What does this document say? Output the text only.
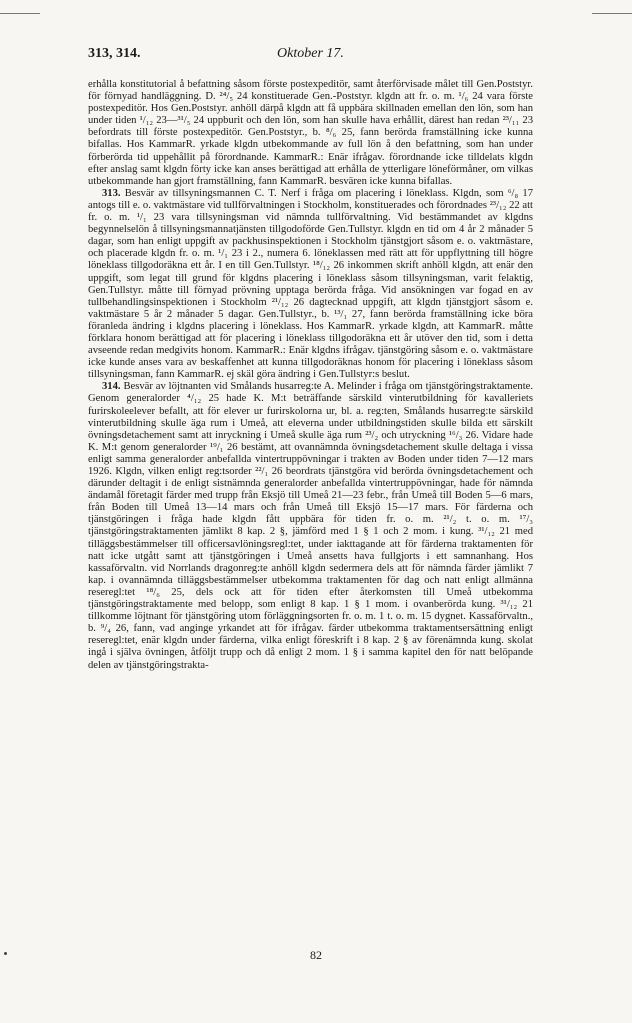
313, 314.	Oktober 17.

erhålla konstitutorial å befattning såsom förste postexpeditör, samt återförvisade målet till Gen.Poststyr. för förnyad handläggning. D. ²⁴/₅ 24 konstituerade Gen.-Poststyr. klgdn att fr. o. m. ¹/₆ 24 vara förste postexpeditör. Hos Gen.Poststyr. anhöll därpå klgdn att få uppbära skillnaden emellan den lön, som han under tiden ¹/₁₂ 23—³¹/₅ 24 uppburit och den lön, som han skulle hava erhållit, därest han redan ²³/₁₁ 23 befordrats till förste postexpeditör. Gen.Poststyr., b. ⁸/₆ 25, fann berörda framställning icke kunna bifallas. Hos KammarR. yrkade klgdn utbekommande av full lön å den befattning, som han under förberörda tid uppehållit på förordnande. KammarR.: Enär ifrågav. förordnande icke tilldelats klgdn efter anslag samt klgdn förty icke kan anses berättigad att erhålla de ytterligare löneförmåner, om vilkas utbekommande han gjort framställning, fann KammarR. besvären icke kunna bifallas.

313. Besvär av tillsyningsmannen C. T. Nerf i fråga om placering i löneklass. Klgdn, som ⁶/₈ 17 antogs till e. o. vaktmästare vid tullförvaltningen i Stockholm, konstituerades och förordnades ²³/₁₂ 22 att fr. o. m. ¹/₁ 23 vara tillsyningsman vid nämnda tullförvaltning. Vid bestämmandet av klgdns begynnelselön å tillsyningsmannatjänsten tillgodoförde Gen.Tullstyr. klgdn en tid om 4 år 2 månader 5 dagar, som han enligt uppgift av packhusinspektionen i Stockholm tjänstgjort såsom e. o. vaktmästare, och placerade klgdn fr. o. m. ¹/₁ 23 i 2., numera 6. löneklassen med rätt att för uppflyttning till högre löneklass tillgodoräkna ett år. I en till Gen.Tullstyr. ¹⁸/₁₂ 26 inkommen skrift anhöll klgdn, att enär den uppgift, som legat till grund för klgdns placering i löneklass såsom tillsyningsman, varit felaktig, Gen.Tullstyr. måtte till förnyad prövning upptaga berörda fråga. Vid ansökningen var fogad en av tullbehandlingsinspektionen i Stockholm ²¹/₁₂ 26 dagtecknad uppgift, att klgdn tjänstgjort såsom e. vaktmästare 5 år 2 månader 5 dagar. Gen.Tullstyr., b. ¹³/₁ 27, fann berörda framställning icke böra föranleda ändring i klgdns placering i löneklass. Hos KammarR. yrkade klgdn, att KammarR. måtte förklara honom berättigad att för placering i löneklass tillgodoräkna ett år utöver den tid, som i detta avseende redan medgivits honom. KammarR.: Enär klgdns ifrågav. tjänstgöring såsom e. o. vaktmästare icke kunde anses vara av beskaffenhet att kunna tillgodoräknas honom för placering i löneklass såsom tillsyningsman, fann KammarR. ej skäl göra ändring i Gen.Tullstyr:s beslut.

314. Besvär av löjtnanten vid Smålands husarreg:te A. Melinder i fråga om tjänstgöringstraktamente. Genom generalorder ⁴/₁₂ 25 hade K. M:t beträffande särskild vinterutbildning för kavalleriets furirskoleelever befallt, att för elever ur furirskolorna ur, bl. a. reg:ten, Smålands husarreg:te särskild vinterutbildning skulle äga rum i Umeå, att eleverna under utbildningstiden skulle bilda ett särskilt övningsdetachement samt att inryckning i Umeå skulle äga rum ²³/₂ och utryckning ¹⁶/₃ 26. Vidare hade K. M:t genom generalorder ¹⁹/₁ 26 bestämt, att ovannämnda övningsdetachement skulle deltaga i vissa enligt samma generalorder anbefallda vintertruppövningar i trakten av Boden under tiden 7—12 mars 1926. Klgdn, vilken enligt reg:tsorder ²²/₁ 26 beordrats tjänstgöra vid berörda övningsdetachement och därunder deltagit i de enligt sistnämnda generalorder anbefallda vintertruppövningar, hade för nämnda ändamål företagit färder med trupp från Eksjö till Umeå 21—23 febr., från Umeå till Boden 5—6 mars, från Boden till Umeå 13—14 mars och från Umeå till Eksjö 15—17 mars. För färderna och tjänstgöringen i fråga hade klgdn fått uppbära för tiden fr. o. m. ²¹/₂ t. o. m. ¹⁷/₃ tjänstgöringstraktamenten jämlikt 8 kap. 2 §, jämförd med 1 § 1 och 2 mom. i kung. ³¹/₁₂ 21 med tilläggsbestämmelser till officersavlöningsregl:tet, under iakttagande att för färderna traktamenten för natt icke utgått samt att tjänstgöringen i Umeå ansetts hava fullgjorts i ett samnanhang. Hos kassaförvaltn. vid Norrlands dragonreg:te anhöll klgdn sedermera dels att för nämnda färder jämlikt 7 kap. i ovannämnda tilläggsbestämmelser utbekomma traktamenten för dag och natt enligt allmänna reseregl:tet ¹⁸/₆ 25, dels ock att för tiden efter återkomsten till Umeå utbekomma tjänstgöringstraktamente med belopp, som enligt 8 kap. 1 § 1 mom. i ovanberörda kung. ³¹/₁₂ 21 tillkomme löjtnant för tjänstgöring utom förläggningsorten fr. o. m. 1 t. o. m. 15 dygnet. Kassaförvaltn., b. ⁹/₄ 26, fann, vad anginge yrkandet att för ifrågav. färder utbekomma traktamentsersättning enligt reseregl:tet, enär klgdn under färderna, vilka enligt föreskrift i 8 kap. 2 § av förenämnda kung. skolat ingå i själva övningen, åtföljt trupp och då enligt 2 mom. 1 § i samma kapitel den för natt belöpande delen av tjänstgöringstrakta-

82
